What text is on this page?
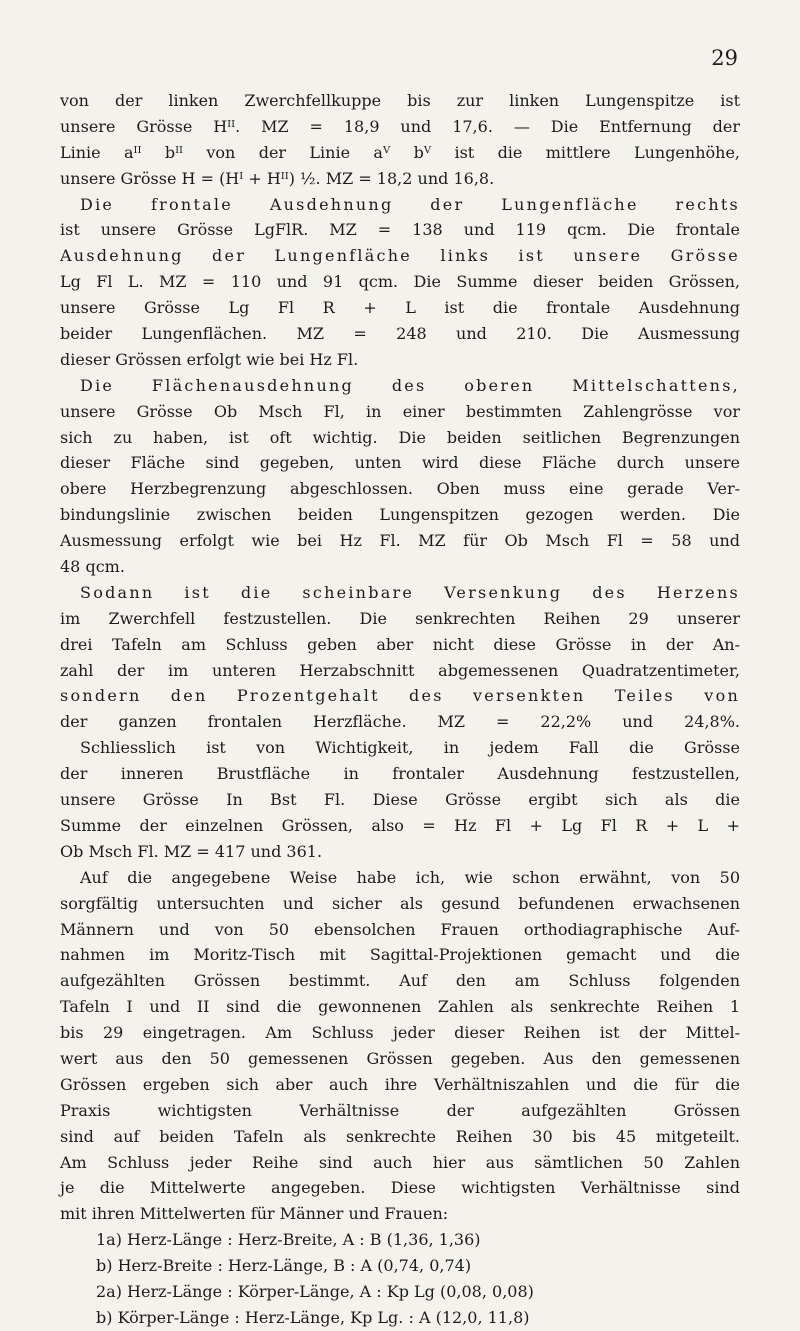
29
von der linken Zwerchfellkuppe bis zur linken Lungenspitze ist
unsere Grösse Hᴵᴵ. MZ = 18,9 und 17,6. — Die Entfernung der
Linie aᴵᴵ bᴵᴵ von der Linie aⱽ bⱽ ist die mittlere Lungenhöhe,
unsere Grösse H = (Hᴵ + Hᴵᴵ) ½. MZ = 18,2 und 16,8.
Die frontale Ausdehnung der Lungenfläche rechts
ist unsere Grösse LgFlR. MZ = 138 und 119 qcm. Die frontale
Ausdehnung der Lungenfläche links ist unsere Grösse
Lg Fl L. MZ = 110 und 91 qcm. Die Summe dieser beiden Grössen,
unsere Grösse Lg Fl R + L ist die frontale Ausdehnung
beider Lungenflächen. MZ = 248 und 210. Die Ausmessung
dieser Grössen erfolgt wie bei Hz Fl.
Die Flächenausdehnung des oberen Mittelschattens,
unsere Grösse Ob Msch Fl, in einer bestimmten Zahlengrösse vor
sich zu haben, ist oft wichtig. Die beiden seitlichen Begrenzungen
dieser Fläche sind gegeben, unten wird diese Fläche durch unsere
obere Herzbegrenzung abgeschlossen. Oben muss eine gerade Ver-
bindungslinie zwischen beiden Lungenspitzen gezogen werden. Die
Ausmessung erfolgt wie bei Hz Fl. MZ für Ob Msch Fl = 58 und
48 qcm.
Sodann ist die scheinbare Versenkung des Herzens
im Zwerchfell festzustellen. Die senkrechten Reihen 29 unserer
drei Tafeln am Schluss geben aber nicht diese Grösse in der An-
zahl der im unteren Herzabschnitt abgemessenen Quadratzentimeter,
sondern den Prozentgehalt des versenkten Teiles von
der ganzen frontalen Herzfläche. MZ = 22,2% und 24,8%.
Schliesslich ist von Wichtigkeit, in jedem Fall die Grösse
der inneren Brustfläche in frontaler Ausdehnung festzustellen,
unsere Grösse In Bst Fl. Diese Grösse ergibt sich als die
Summe der einzelnen Grössen, also = Hz Fl + Lg Fl R + L +
Ob Msch Fl. MZ = 417 und 361.
Auf die angegebene Weise habe ich, wie schon erwähnt, von 50
sorgfältig untersuchten und sicher als gesund befundenen erwachsenen
Männern und von 50 ebensolchen Frauen orthodiagraphische Auf-
nahmen im Moritz-Tisch mit Sagittal-Projektionen gemacht und die
aufgezählten Grössen bestimmt. Auf den am Schluss folgenden
Tafeln I und II sind die gewonnenen Zahlen als senkrechte Reihen 1
bis 29 eingetragen. Am Schluss jeder dieser Reihen ist der Mittel-
wert aus den 50 gemessenen Grössen gegeben. Aus den gemessenen
Grössen ergeben sich aber auch ihre Verhältniszahlen und die für die
Praxis wichtigsten Verhältnisse der aufgezählten Grössen
sind auf beiden Tafeln als senkrechte Reihen 30 bis 45 mitgeteilt.
Am Schluss jeder Reihe sind auch hier aus sämtlichen 50 Zahlen
je die Mittelwerte angegeben. Diese wichtigsten Verhältnisse sind
mit ihren Mittelwerten für Männer und Frauen:
1a) Herz-Länge : Herz-Breite, A : B (1,36, 1,36)
b) Herz-Breite : Herz-Länge, B : A (0,74, 0,74)
2a) Herz-Länge : Körper-Länge, A : Kp Lg (0,08, 0,08)
b) Körper-Länge : Herz-Länge, Kp Lg. : A (12,0, 11,8)
